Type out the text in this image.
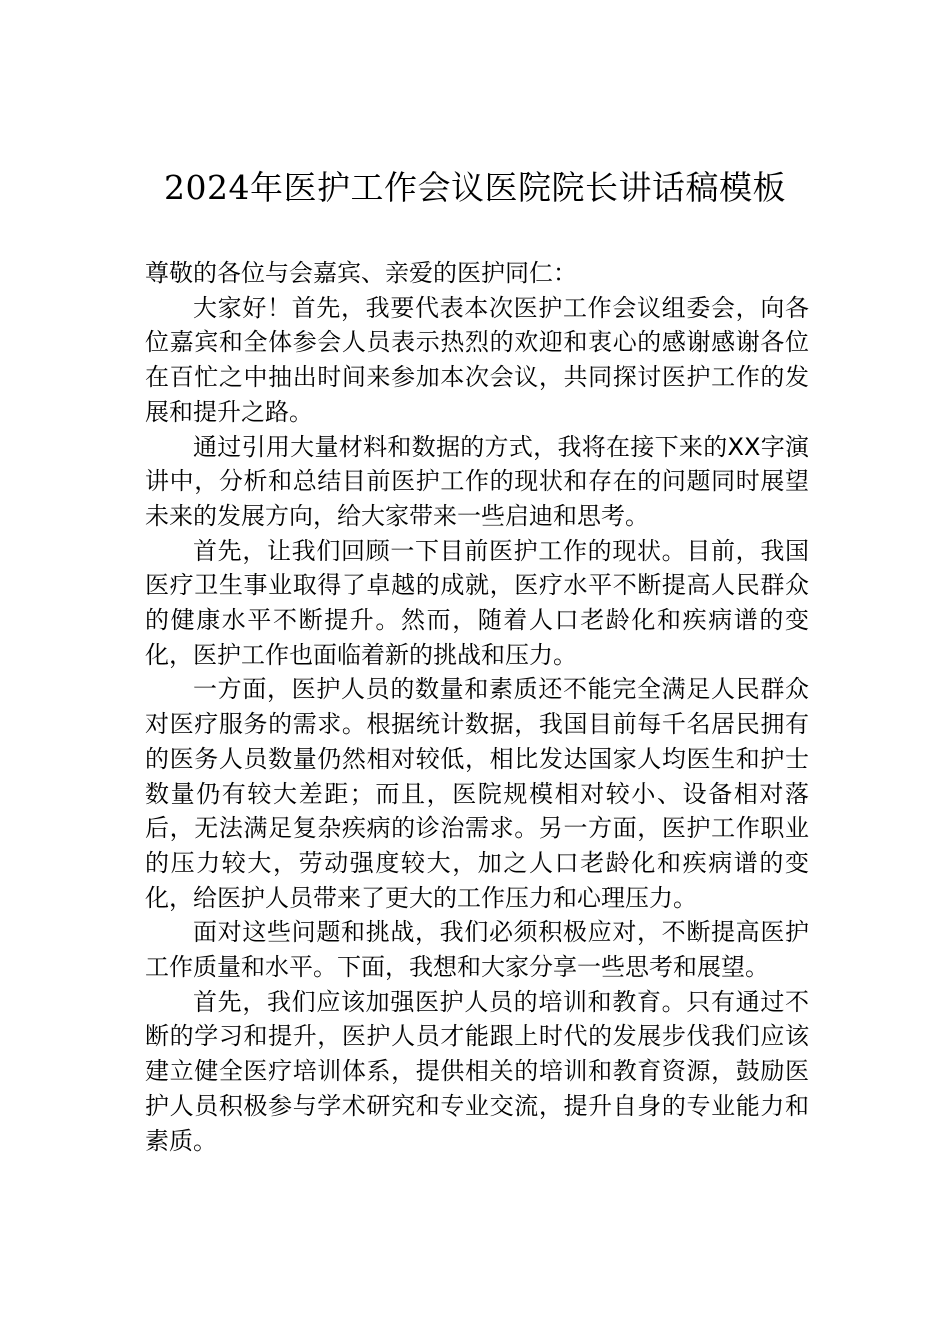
2024年医护工作会议医院院长讲话稿模板

尊敬的各位与会嘉宾、亲爱的医护同仁：

大家好！首先，我要代表本次医护工作会议组委会，向各位嘉宾和全体参会人员表示热烈的欢迎和衷心的感谢感谢各位在百忙之中抽出时间来参加本次会议，共同探讨医护工作的发展和提升之路。

通过引用大量材料和数据的方式，我将在接下来的XX字演讲中，分析和总结目前医护工作的现状和存在的问题同时展望未来的发展方向，给大家带来一些启迪和思考。

首先，让我们回顾一下目前医护工作的现状。目前，我国医疗卫生事业取得了卓越的成就，医疗水平不断提高人民群众的健康水平不断提升。然而，随着人口老龄化和疾病谱的变化，医护工作也面临着新的挑战和压力。

一方面，医护人员的数量和素质还不能完全满足人民群众对医疗服务的需求。根据统计数据，我国目前每千名居民拥有的医务人员数量仍然相对较低，相比发达国家人均医生和护士数量仍有较大差距；而且，医院规模相对较小、设备相对落后，无法满足复杂疾病的诊治需求。另一方面，医护工作职业的压力较大，劳动强度较大，加之人口老龄化和疾病谱的变化，给医护人员带来了更大的工作压力和心理压力。

面对这些问题和挑战，我们必须积极应对，不断提高医护工作质量和水平。下面，我想和大家分享一些思考和展望。

首先，我们应该加强医护人员的培训和教育。只有通过不断的学习和提升，医护人员才能跟上时代的发展步伐我们应该建立健全医疗培训体系，提供相关的培训和教育资源，鼓励医护人员积极参与学术研究和专业交流，提升自身的专业能力和素质。
